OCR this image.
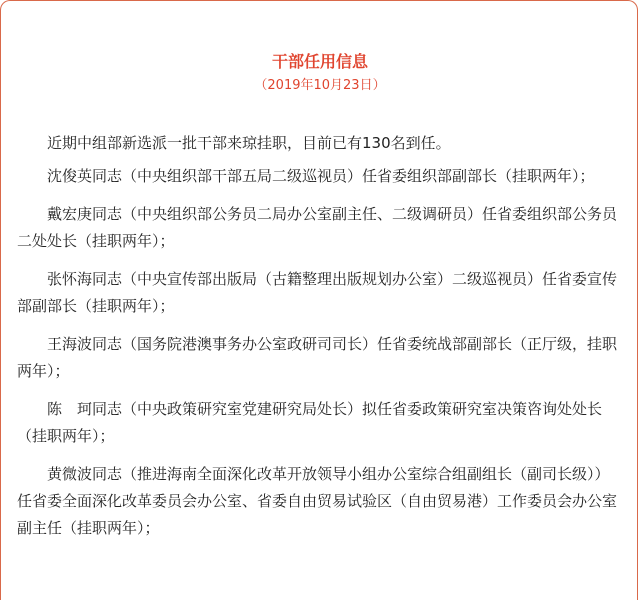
干部任用信息
（2019年10月23日）

近期中组部新选派一批干部来琼挂职，目前已有130名到任。

沈俊英同志（中央组织部干部五局二级巡视员）任省委组织部副部长（挂职两年）；

戴宏庚同志（中央组织部公务员二局办公室副主任、二级调研员）任省委组织部公务员二处处长（挂职两年）；

张怀海同志（中央宣传部出版局（古籍整理出版规划办公室）二级巡视员）任省委宣传部副部长（挂职两年）；

王海波同志（国务院港澳事务办公室政研司司长）任省委统战部副部长（正厅级，挂职两年）；

陈　珂同志（中央政策研究室党建研究局处长）拟任省委政策研究室决策咨询处处长（挂职两年）；

黄微波同志（推进海南全面深化改革开放领导小组办公室综合组副组长（副司长级））任省委全面深化改革委员会办公室、省委自由贸易试验区（自由贸易港）工作委员会办公室副主任（挂职两年）；
